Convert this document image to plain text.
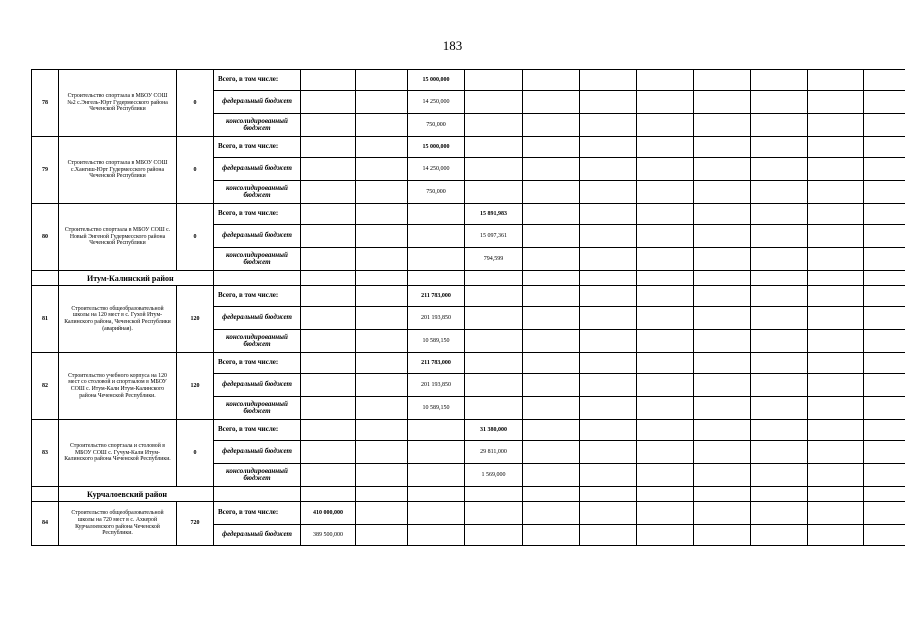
183
78	Строительство спортзала в МБОУ СОШ №2 с.Энгель-Юрт Гудермесского района Чеченской Республики	0	Всего, в том числе:			15 000,000								
			федеральный бюджет			14 250,000								
			консолидированный бюджет			750,000								
79	Строительство спортзала в МБОУ СОШ с.Хангиш-Юрт Гудермесского района Чеченской Республики	0	Всего, в том числе:			15 000,000								
			федеральный бюджет			14 250,000								
			консолидированный бюджет			750,000								
80	Строительство спортзала в МБОУ СОШ с. Новый Энгеной Гудермесского района Чеченской Республики	0	Всего, в том числе:				15 891,983							
			федеральный бюджет				15 097,361							
			консолидированный бюджет				794,599							
	Итум-Калинский район													
81	Строительство общеобразовательной школы на 120 мест в с. Гухой Итум-Калинского района, Чеченской Республики (аварийная).	120	Всего, в том числе:			211 783,000								
			федеральный бюджет			201 193,850								
			консолидированный бюджет			10 589,150								
82	Строительство учебного корпуса на 120 мест со столовой и спортзалом в МБОУ СОШ с. Итум-Кали Итум-Калинского района Чеченской Республики.	120	Всего, в том числе:			211 783,000								
			федеральный бюджет			201 193,850								
			консолидированный бюджет			10 589,150								
83	Строительство спортзала и столовой в МБОУ СОШ с. Гучум-Кали Итум-Калинского района Чеченской Республики.	0	Всего, в том числе:				31 380,000							
			федеральный бюджет				29 811,000							
			консолидированный бюджет				1 569,000							
	Курчалоевский район													
84	Строительство общеобразовательной школы на 720 мест в с. Ахкерой Курчалоевского района Чеченской Республики.	720	Всего, в том числе:	410 000,000										
			федеральный бюджет	389 500,000										
